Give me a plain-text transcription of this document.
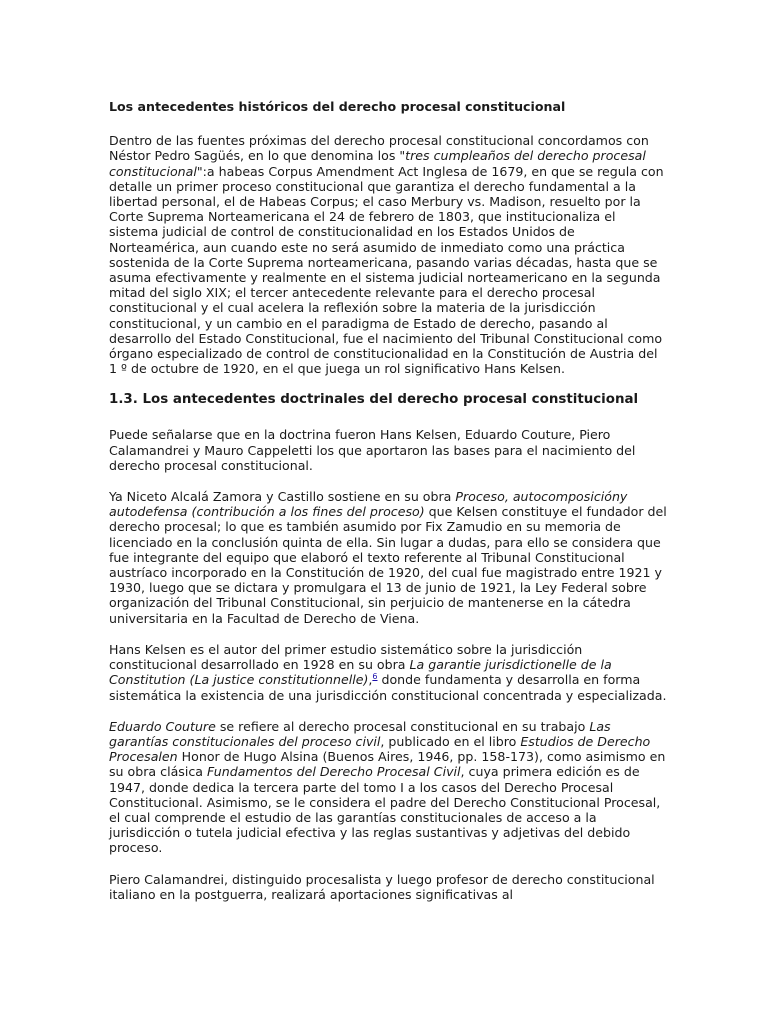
Los antecedentes históricos del derecho procesal constitucional

Dentro de las fuentes próximas del derecho procesal constitucional concordamos con Néstor Pedro Sagüés, en lo que denomina los "tres cumpleaños del derecho procesal constitucional":a habeas Corpus Amendment Act Inglesa de 1679, en que se regula con detalle un primer proceso constitucional que garantiza el derecho fundamental a la libertad personal, el de Habeas Corpus; el caso Merbury vs. Madison, resuelto por la Corte Suprema Norteamericana el 24 de febrero de 1803, que institucionaliza el sistema judicial de control de constitucionalidad en los Estados Unidos de Norteamérica, aun cuando este no será asumido de inmediato como una práctica sostenida de la Corte Suprema norteamericana, pasando varias décadas, hasta que se asuma efectivamente y realmente en el sistema judicial norteamericano en la segunda mitad del siglo XIX; el tercer antecedente relevante para el derecho procesal constitucional y el cual acelera la reflexión sobre la materia de la jurisdicción constitucional, y un cambio en el paradigma de Estado de derecho, pasando al desarrollo del Estado Constitucional, fue el nacimiento del Tribunal Constitucional como órgano especializado de control de constitucionalidad en la Constitución de Austria del 1 º de octubre de 1920, en el que juega un rol significativo Hans Kelsen.

1.3. Los antecedentes doctrinales del derecho procesal constitucional

Puede señalarse que en la doctrina fueron Hans Kelsen, Eduardo Couture, Piero Calamandrei y Mauro Cappeletti los que aportaron las bases para el nacimiento del derecho procesal constitucional.

Ya Niceto Alcalá Zamora y Castillo sostiene en su obra Proceso, autocomposicióny autodefensa (contribución a los fines del proceso) que Kelsen constituye el fundador del derecho procesal; lo que es también asumido por Fix Zamudio en su memoria de licenciado en la conclusión quinta de ella. Sin lugar a dudas, para ello se considera que fue integrante del equipo que elaboró el texto referente al Tribunal Constitucional austríaco incorporado en la Constitución de 1920, del cual fue magistrado entre 1921 y 1930, luego que se dictara y promulgara el 13 de junio de 1921, la Ley Federal sobre organización del Tribunal Constitucional, sin perjuicio de mantenerse en la cátedra universitaria en la Facultad de Derecho de Viena.

Hans Kelsen es el autor del primer estudio sistemático sobre la jurisdicción constitucional desarrollado en 1928 en su obra La garantie jurisdictionelle de la Constitution (La justice constitutionnelle),$^6$ donde fundamenta y desarrolla en forma sistemática la existencia de una jurisdicción constitucional concentrada y especializada.

Eduardo Couture se refiere al derecho procesal constitucional en su trabajo Las garantías constitucionales del proceso civil, publicado en el libro Estudios de Derecho Procesalen Honor de Hugo Alsina (Buenos Aires, 1946, pp. 158-173), como asimismo en su obra clásica Fundamentos del Derecho Procesal Civil, cuya primera edición es de 1947, donde dedica la tercera parte del tomo I a los casos del Derecho Procesal Constitucional. Asimismo, se le considera el padre del Derecho Constitucional Procesal, el cual comprende el estudio de las garantías constitucionales de acceso a la jurisdicción o tutela judicial efectiva y las reglas sustantivas y adjetivas del debido proceso.

Piero Calamandrei, distinguido procesalista y luego profesor de derecho constitucional italiano en la postguerra, realizará aportaciones significativas al
